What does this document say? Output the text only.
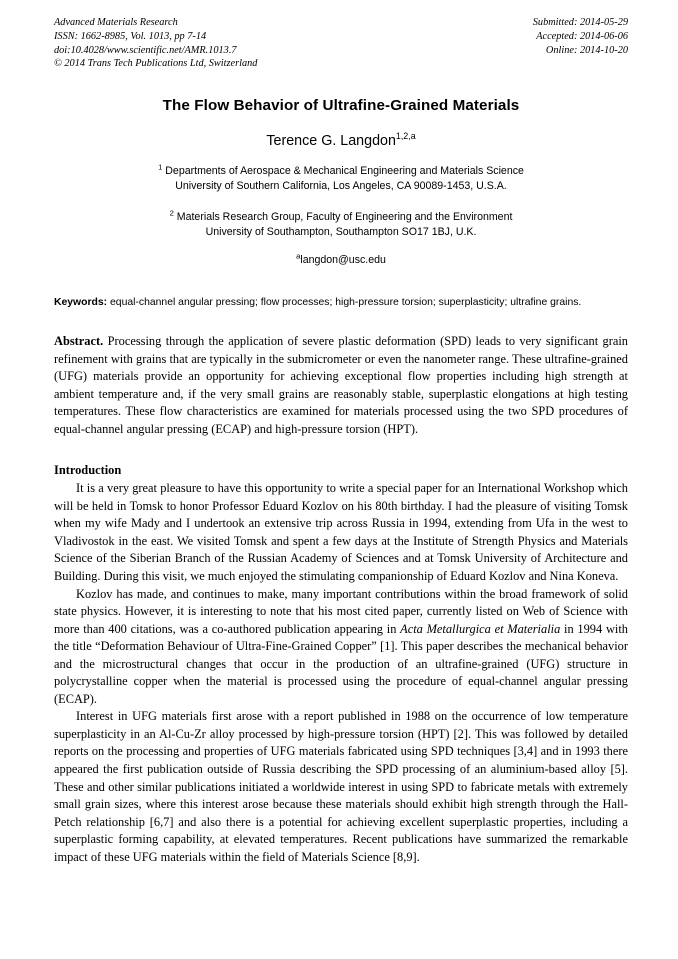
Advanced Materials Research
ISSN: 1662-8985, Vol. 1013, pp 7-14
doi:10.4028/www.scientific.net/AMR.1013.7
© 2014 Trans Tech Publications Ltd, Switzerland
Submitted: 2014-05-29
Accepted: 2014-06-06
Online: 2014-10-20
The Flow Behavior of Ultrafine-Grained Materials
Terence G. Langdon$^{1,2,a}$
$^1$ Departments of Aerospace & Mechanical Engineering and Materials Science
University of Southern California, Los Angeles, CA 90089-1453, U.S.A.
$^2$ Materials Research Group, Faculty of Engineering and the Environment
University of Southampton, Southampton SO17 1BJ, U.K.
$^a$langdon@usc.edu
Keywords: equal-channel angular pressing; flow processes; high-pressure torsion; superplasticity; ultrafine grains.
Abstract. Processing through the application of severe plastic deformation (SPD) leads to very significant grain refinement with grains that are typically in the submicrometer or even the nanometer range. These ultrafine-grained (UFG) materials provide an opportunity for achieving exceptional flow properties including high strength at ambient temperature and, if the very small grains are reasonably stable, superplastic elongations at high testing temperatures. These flow characteristics are examined for materials processed using the two SPD procedures of equal-channel angular pressing (ECAP) and high-pressure torsion (HPT).
Introduction
It is a very great pleasure to have this opportunity to write a special paper for an International Workshop which will be held in Tomsk to honor Professor Eduard Kozlov on his 80th birthday. I had the pleasure of visiting Tomsk when my wife Mady and I undertook an extensive trip across Russia in 1994, extending from Ufa in the west to Vladivostok in the east. We visited Tomsk and spent a few days at the Institute of Strength Physics and Materials Science of the Siberian Branch of the Russian Academy of Sciences and at Tomsk University of Architecture and Building. During this visit, we much enjoyed the stimulating companionship of Eduard Kozlov and Nina Koneva.
Kozlov has made, and continues to make, many important contributions within the broad framework of solid state physics. However, it is interesting to note that his most cited paper, currently listed on Web of Science with more than 400 citations, was a co-authored publication appearing in Acta Metallurgica et Materialia in 1994 with the title “Deformation Behaviour of Ultra-Fine-Grained Copper” [1]. This paper describes the mechanical behavior and the microstructural changes that occur in the production of an ultrafine-grained (UFG) structure in polycrystalline copper when the material is processed using the procedure of equal-channel angular pressing (ECAP).
Interest in UFG materials first arose with a report published in 1988 on the occurrence of low temperature superplasticity in an Al-Cu-Zr alloy processed by high-pressure torsion (HPT) [2]. This was followed by detailed reports on the processing and properties of UFG materials fabricated using SPD techniques [3,4] and in 1993 there appeared the first publication outside of Russia describing the SPD processing of an aluminium-based alloy [5]. These and other similar publications initiated a worldwide interest in using SPD to fabricate metals with extremely small grain sizes, where this interest arose because these materials should exhibit high strength through the Hall-Petch relationship [6,7] and also there is a potential for achieving excellent superplastic properties, including a superplastic forming capability, at elevated temperatures. Recent publications have summarized the remarkable impact of these UFG materials within the field of Materials Science [8,9].
